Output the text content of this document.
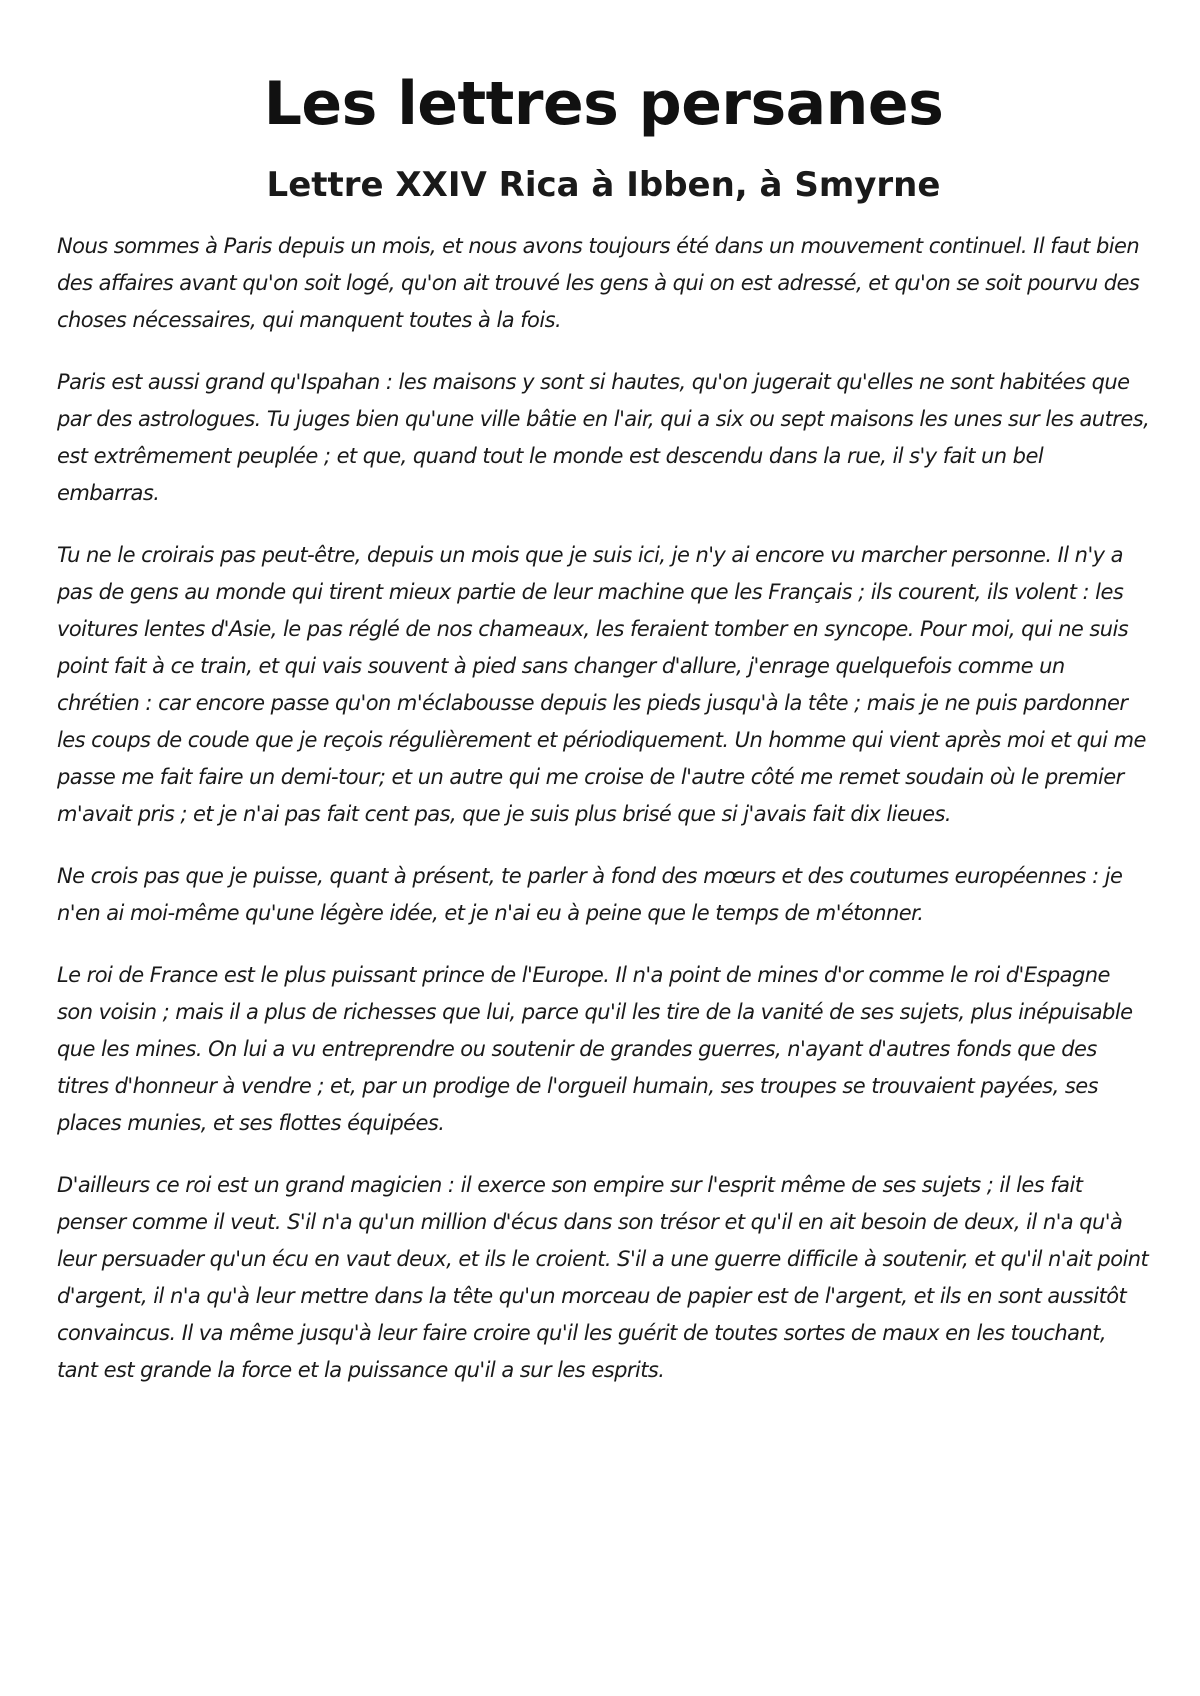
Les lettres persanes
Lettre XXIV Rica à Ibben, à Smyrne

Nous sommes à Paris depuis un mois, et nous avons toujours été dans un mouvement continuel. Il faut bien des affaires avant qu'on soit logé, qu'on ait trouvé les gens à qui on est adressé, et qu'on se soit pourvu des choses nécessaires, qui manquent toutes à la fois.

Paris est aussi grand qu'Ispahan : les maisons y sont si hautes, qu'on jugerait qu'elles ne sont habitées que par des astrologues. Tu juges bien qu'une ville bâtie en l'air, qui a six ou sept maisons les unes sur les autres, est extrêmement peuplée ; et que, quand tout le monde est descendu dans la rue, il s'y fait un bel embarras.

Tu ne le croirais pas peut-être, depuis un mois que je suis ici, je n'y ai encore vu marcher personne. Il n'y a pas de gens au monde qui tirent mieux partie de leur machine que les Français ; ils courent, ils volent : les voitures lentes d'Asie, le pas réglé de nos chameaux, les feraient tomber en syncope. Pour moi, qui ne suis point fait à ce train, et qui vais souvent à pied sans changer d'allure, j'enrage quelquefois comme un chrétien : car encore passe qu'on m'éclabousse depuis les pieds jusqu'à la tête ; mais je ne puis pardonner les coups de coude que je reçois régulièrement et périodiquement. Un homme qui vient après moi et qui me passe me fait faire un demi-tour; et un autre qui me croise de l'autre côté me remet soudain où le premier m'avait pris ; et je n'ai pas fait cent pas, que je suis plus brisé que si j'avais fait dix lieues.

Ne crois pas que je puisse, quant à présent, te parler à fond des mœurs et des coutumes européennes : je n'en ai moi-même qu'une légère idée, et je n'ai eu à peine que le temps de m'étonner.

Le roi de France est le plus puissant prince de l'Europe. Il n'a point de mines d'or comme le roi d'Espagne son voisin ; mais il a plus de richesses que lui, parce qu'il les tire de la vanité de ses sujets, plus inépuisable que les mines. On lui a vu entreprendre ou soutenir de grandes guerres, n'ayant d'autres fonds que des titres d'honneur à vendre ; et, par un prodige de l'orgueil humain, ses troupes se trouvaient payées, ses places munies, et ses flottes équipées.

D'ailleurs ce roi est un grand magicien : il exerce son empire sur l'esprit même de ses sujets ; il les fait penser comme il veut. S'il n'a qu'un million d'écus dans son trésor et qu'il en ait besoin de deux, il n'a qu'à leur persuader qu'un écu en vaut deux, et ils le croient. S'il a une guerre difficile à soutenir, et qu'il n'ait point d'argent, il n'a qu'à leur mettre dans la tête qu'un morceau de papier est de l'argent, et ils en sont aussitôt convaincus. Il va même jusqu'à leur faire croire qu'il les guérit de toutes sortes de maux en les touchant, tant est grande la force et la puissance qu'il a sur les esprits.
